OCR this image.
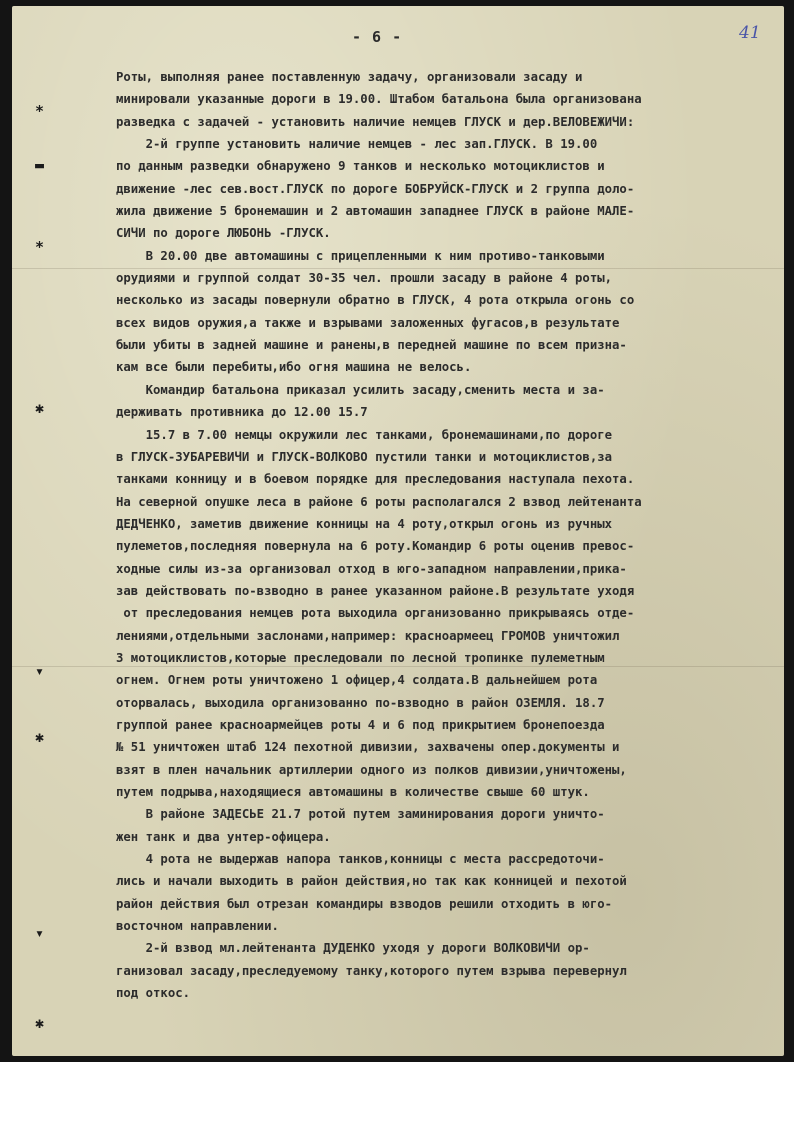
- 6 -	41
*
▬
*
✱
▾
✱
▾
✱
Роты, выполняя ранее поставленную задачу, организовали засаду и
минировали указанные дороги в 19.00. Штабом батальона была организована
разведка с задачей - установить наличие немцев ГЛУСК и дер.ВЕЛОВЕЖИЧИ:
2-й группе установить наличие немцев - лес зап.ГЛУСК. В 19.00
по данным разведки обнаружено 9 танков и несколько мотоциклистов и
движение -лес сев.вост.ГЛУСК по дороге БОБРУЙСК-ГЛУСК и 2 группа доло-
жила движение 5 бронемашин и 2 автомашин западнее ГЛУСК в районе МАЛЕ-
СИЧИ по дороге ЛЮБОНЬ -ГЛУСК.
В 20.00 две автомашины с прицепленными к ним противо-танковыми
орудиями и группой солдат 30-35 чел. прошли засаду в районе 4 роты,
несколько из засады повернули обратно в ГЛУСК, 4 рота открыла огонь со
всех видов оружия,а также и взрывами заложенных фугасов,в результате
были убиты в задней машине и ранены,в передней машине по всем призна-
кам все были перебиты,ибо огня машина не велось.
Командир батальона приказал усилить засаду,сменить места и за-
держивать противника до 12.00 15.7
15.7 в 7.00 немцы окружили лес танками, бронемашинами,по дороге
в ГЛУСК-ЗУБАРЕВИЧИ и ГЛУСК-ВОЛКОВО пустили танки и мотоциклистов,за
танками конницу и в боевом порядке для преследования наступала пехота.
На северной опушке леса в районе 6 роты располагался 2 взвод лейтенанта
ДЕДЧЕНКО, заметив движение конницы на 4 роту,открыл огонь из ручных
пулеметов,последняя повернула на 6 роту.Командир 6 роты оценив превос-
ходные силы из-за организовал отход в юго-западном направлении,прика-
зав действовать по-взводно в ранее указанном районе.В результате уходя
от преследования немцев рота выходила организованно прикрываясь отде-
лениями,отдельными заслонами,например: красноармеец ГРОМОВ уничтожил
3 мотоциклистов,которые преследовали по лесной тропинке пулеметным
огнем. Огнем роты уничтожено 1 офицер,4 солдата.В дальнейшем рота
оторвалась, выходила организованно по-взводно в район ОЗЕМЛЯ. 18.7
группой ранее красноармейцев роты 4 и 6 под прикрытием бронепоезда
№ 51 уничтожен штаб 124 пехотной дивизии, захвачены опер.документы и
взят в плен начальник артиллерии одного из полков дивизии,уничтожены,
путем подрыва,находящиеся автомашины в количестве свыше 60 штук.
В районе ЗАДЕСЬЕ 21.7 ротой путем заминирования дороги уничто-
жен танк и два унтер-офицера.
4 рота не выдержав напора танков,конницы с места рассредоточи-
лись и начали выходить в район действия,но так как конницей и пехотой
район действия был отрезан командиры взводов решили отходить в юго-
восточном направлении.
2-й взвод мл.лейтенанта ДУДЕНКО уходя у дороги ВОЛКОВИЧИ ор-
ганизовал засаду,преследуемому танку,которого путем взрыва перевернул
под откос.
